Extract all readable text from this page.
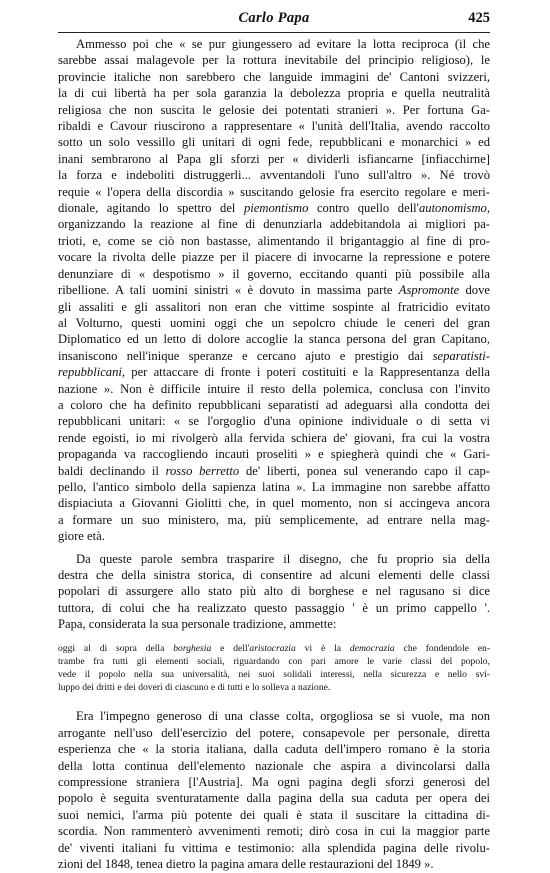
Carlo Papa	425
Ammesso poi che « se pur giungessero ad evitare la lotta reciproca (il che
sarebbe assai malagevole per la rottura inevitabile del principio religioso), le
provincie italiche non sarebbero che languide immagini de' Cantoni svizzeri,
la di cui libertà ha per sola garanzia la debolezza propria e quella neutralità
religiosa che non suscita le gelosie dei potentati stranieri ». Per fortuna Ga-
ribaldi e Cavour riuscirono a rappresentare « l'unità dell'Italia, avendo raccolto
sotto un solo vessillo gli unitari di ogni fede, repubblicani e monarchici » ed
inani sembrarono al Papa gli sforzi per « dividerli isfiancarne [infiacchirne]
la forza e indeboliti distruggerli... avventandoli l'uno sull'altro ». Né trovò
requie « l'opera della discordia » suscitando gelosie fra esercito regolare e meri-
dionale, agitando lo spettro del piemontismo contro quello dell'autonomismo,
organizzando la reazione al fine di denunziarla addebitandola ai migliori pa-
trioti, e, come se ciò non bastasse, alimentando il brigantaggio al fine di pro-
vocare la rivolta delle piazze per il piacere di invocarne la repressione e potere
denunziare di « despotismo » il governo, eccitando quanti più possibile alla
ribellione. A tali uomini sinistri « è dovuto in massima parte Aspromonte dove
gli assaliti e gli assalitori non eran che vittime sospinte al fratricidio evitato
al Volturno, questi uomini oggi che un sepolcro chiude le ceneri del gran
Diplomatico ed un letto di dolore accoglie la stanca persona del gran Capitano,
insaniscono nell'inique speranze e cercano ajuto e prestigio dai separatisti-
repubblicani, per attaccare di fronte i poteri costituiti e la Rappresentanza della
nazione ». Non è difficile intuire il resto della polemica, conclusa con l'invito
a coloro che ha definito repubblicani separatisti ad adeguarsi alla condotta dei
repubblicani unitari: « se l'orgoglio d'una opinione individuale o di setta vi
rende egoisti, io mi rivolgerò alla fervida schiera de' giovani, fra cui la vostra
propaganda va raccogliendo incauti proseliti » e spiegherà quindi che « Gari-
baldi declinando il rosso berretto de' liberti, ponea sul venerando capo il cap-
pello, l'antico simbolo della sapienza latina ». La immagine non sarebbe affatto
dispiaciuta a Giovanni Giolitti che, in quel momento, non si accingeva ancora
a formare un suo ministero, ma, più semplicemente, ad entrare nella mag-
giore età.
Da queste parole sembra trasparire il disegno, che fu proprio sia della
destra che della sinistra storica, di consentire ad alcuni elementi delle classi
popolari di assurgere allo stato più alto di borghese e nel ragusano si dice
tuttora, di colui che ha realizzato questo passaggio ' è un primo cappello '.
Papa, considerata la sua personale tradizione, ammette:
oggi al di sopra della borghesia e dell'aristocrazia vi è la democrazia che fondendole en-
trambe fra tutti gli elementi sociali, riguardando con pari amore le varie classi del popolo,
vede il popolo nella sua universalità, nei suoi solidali interessi, nella sicurezza e nello svi-
luppo dei dritti e dei doveri di ciascuno e di tutti e lo solleva a nazione.
Era l'impegno generoso di una classe colta, orgogliosa se si vuole, ma non
arrogante nell'uso dell'esercizio del potere, consapevole per personale, diretta
esperienza che « la storia italiana, dalla caduta dell'impero romano è la storia
della lotta continua dell'elemento nazionale che aspira a divincolarsi dalla
compressione straniera [l'Austria]. Ma ogni pagina degli sforzi generosi del
popolo è seguita sventuratamente dalla pagina della sua caduta per opera dei
suoi nemici, l'arma più potente dei quali è stata il suscitare la cittadina di-
scordia. Non rammenterò avvenimenti remoti; dirò cosa in cui la maggior parte
de' viventi italiani fu vittima e testimonio: alla splendida pagina delle rivolu-
zioni del 1848, tenea dietro la pagina amara delle restaurazioni del 1849 ».
